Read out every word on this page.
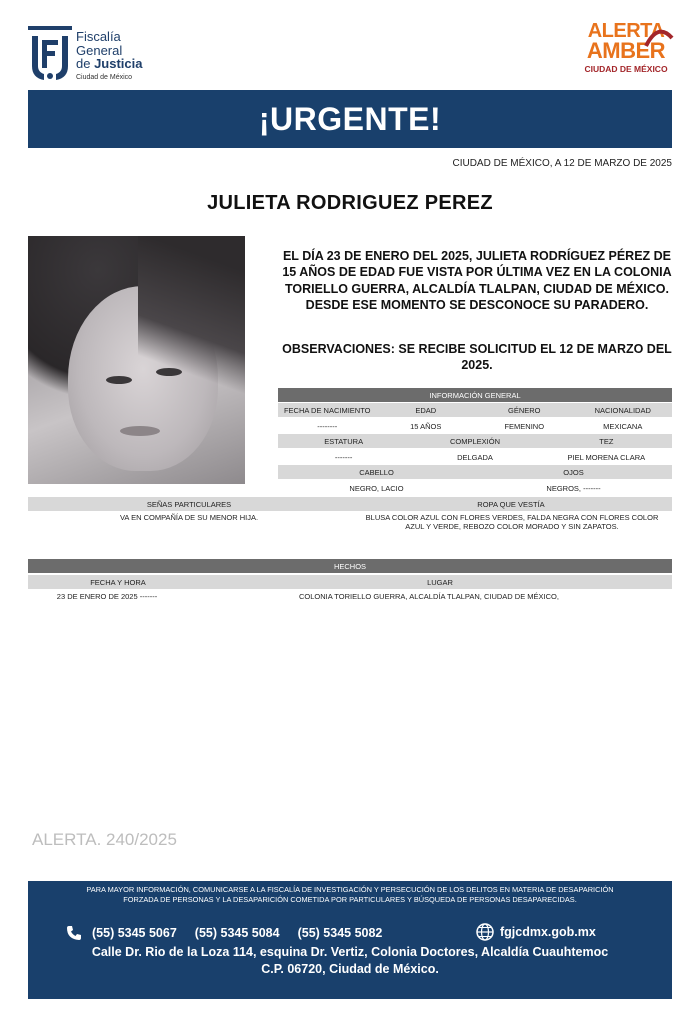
Fiscalía
General
de Justicia
Ciudad de México
ALERTA
AMBER
CIUDAD DE MÉXICO
¡URGENTE!
CIUDAD DE MÉXICO, A 12 DE MARZO DE 2025
JULIETA RODRIGUEZ PEREZ
EL DÍA 23 DE ENERO DEL 2025, JULIETA RODRÍGUEZ PÉREZ DE 15 AÑOS DE EDAD FUE VISTA POR ÚLTIMA VEZ EN LA COLONIA TORIELLO GUERRA, ALCALDÍA TLALPAN, CIUDAD DE MÉXICO. DESDE ESE MOMENTO SE DESCONOCE SU PARADERO.
OBSERVACIONES: SE RECIBE SOLICITUD EL 12 DE MARZO DEL 2025.
INFORMACIÓN GENERAL
FECHA DE NACIMIENTO	EDAD	GÉNERO	NACIONALIDAD
--------	15 AÑOS	FEMENINO	MEXICANA
ESTATURA	COMPLEXIÓN	TEZ
-------	DELGADA	PIEL MORENA CLARA
CABELLO	OJOS
NEGRO, LACIO	NEGROS, -------
SEÑAS PARTICULARES	ROPA QUE VESTÍA
VA EN COMPAÑÍA DE SU MENOR HIJA.	BLUSA COLOR AZUL CON FLORES VERDES, FALDA NEGRA CON FLORES COLOR AZUL Y VERDE, REBOZO COLOR MORADO Y SIN ZAPATOS.
HECHOS
FECHA Y HORA	LUGAR
23 DE ENERO DE 2025 -------	COLONIA TORIELLO GUERRA, ALCALDÍA TLALPAN, CIUDAD DE MÉXICO,
ALERTA. 240/2025
PARA MAYOR INFORMACIÓN, COMUNICARSE A LA FISCALÍA DE INVESTIGACIÓN Y PERSECUCIÓN DE LOS DELITOS EN MATERIA DE DESAPARICIÓN
FORZADA DE PERSONAS Y LA DESAPARICIÓN COMETIDA POR PARTICULARES Y BÚSQUEDA DE PERSONAS DESAPARECIDAS.
(55) 5345 5067 (55) 5345 5084 (55) 5345 5082	fgjcdmx.gob.mx
Calle Dr. Rio de la Loza 114, esquina Dr. Vertiz, Colonia Doctores, Alcaldía Cuauhtemoc
C.P. 06720, Ciudad de México.
